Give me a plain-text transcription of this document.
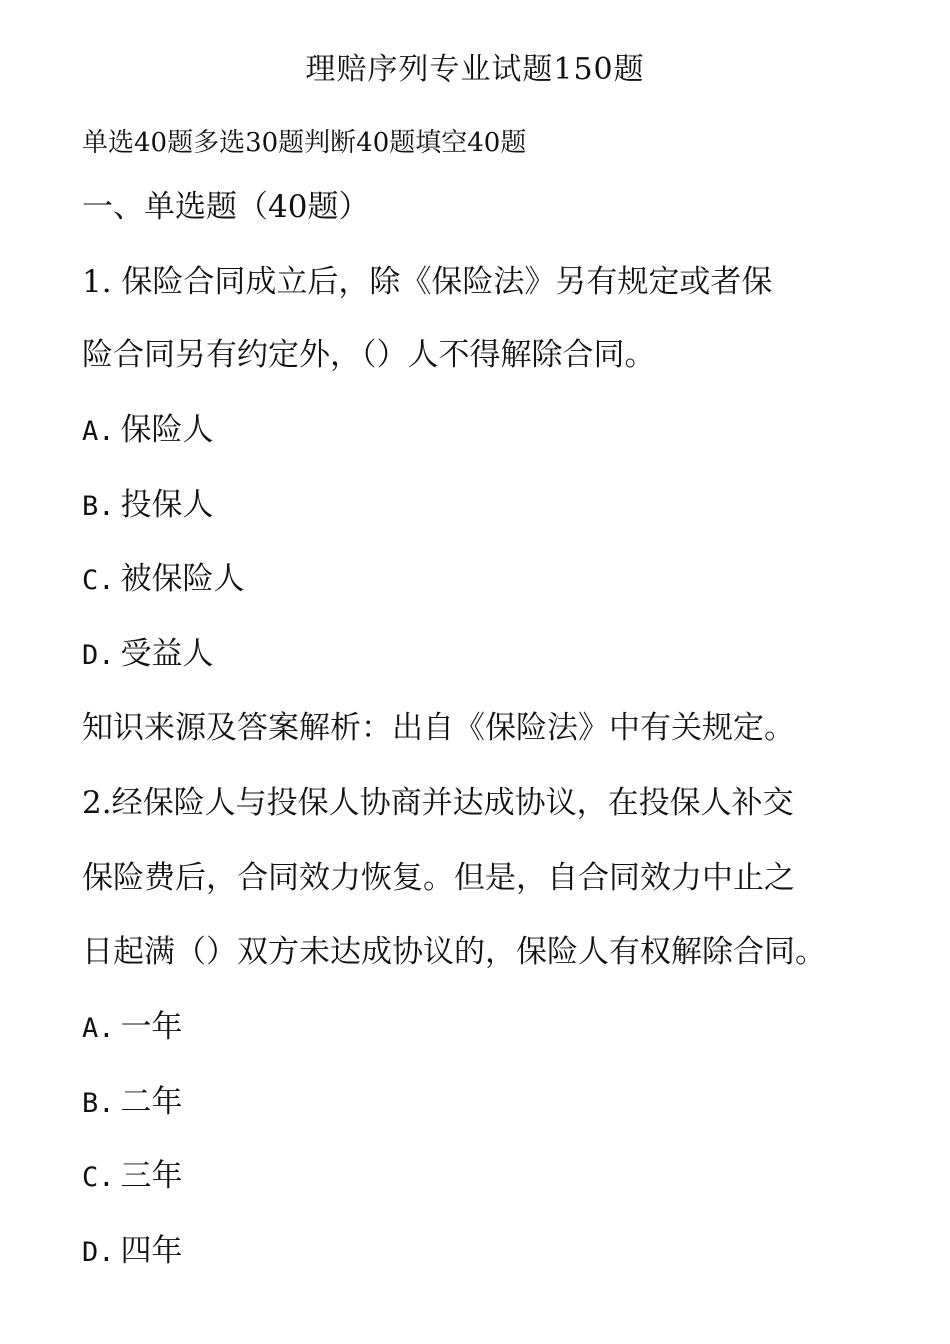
理赔序列专业试题150题
单选40题多选30题判断40题填空40题
一、单选题（40题）
1. 保险合同成立后，除《保险法》另有规定或者保
险合同另有约定外，（）人不得解除合同。
A. 保险人
B. 投保人
C. 被保险人
D. 受益人
知识来源及答案解析：出自《保险法》中有关规定。
2.经保险人与投保人协商并达成协议，在投保人补交
保险费后，合同效力恢复。但是，自合同效力中止之
日起满（）双方未达成协议的，保险人有权解除合同。
A. 一年
B. 二年
C. 三年
D. 四年
